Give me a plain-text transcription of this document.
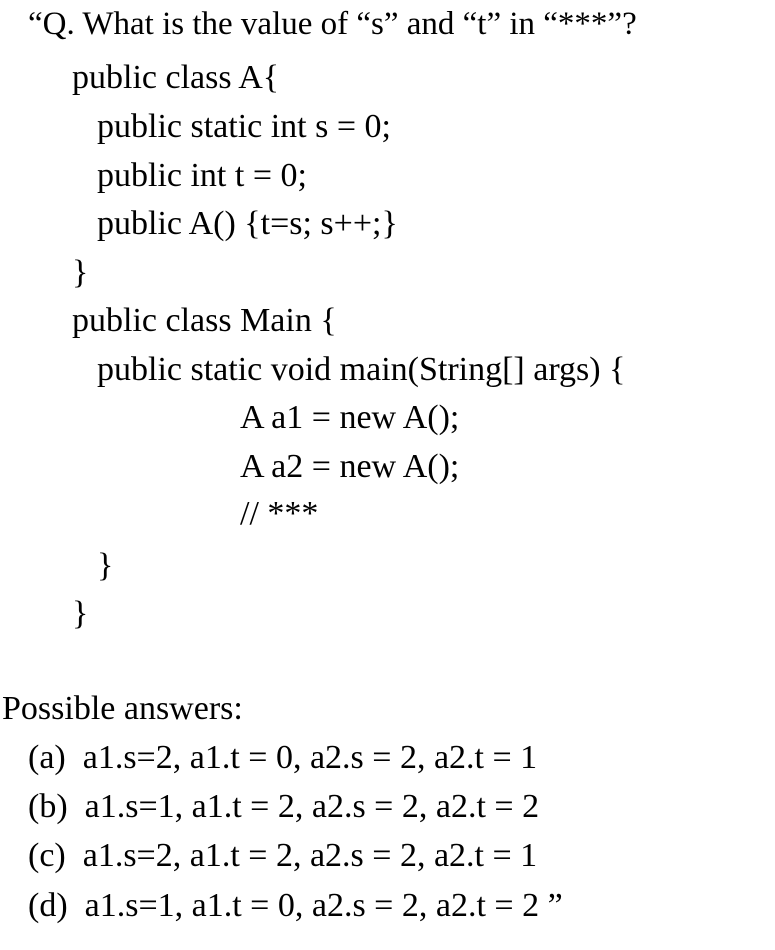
“Q. What is the value of “s” and “t” in “***”?
public class A{
public static int s = 0;
public int t = 0;
public A() {t=s; s++;}
}
public class Main {
public static void main(String[] args) {
A a1 = new A();
A a2 = new A();
// ***
}
}
Possible answers:
(a)  a1.s=2, a1.t = 0, a2.s = 2, a2.t = 1
(b)  a1.s=1, a1.t = 2, a2.s = 2, a2.t = 2
(c)  a1.s=2, a1.t = 2, a2.s = 2, a2.t = 1
(d)  a1.s=1, a1.t = 0, a2.s = 2, a2.t = 2 ”
